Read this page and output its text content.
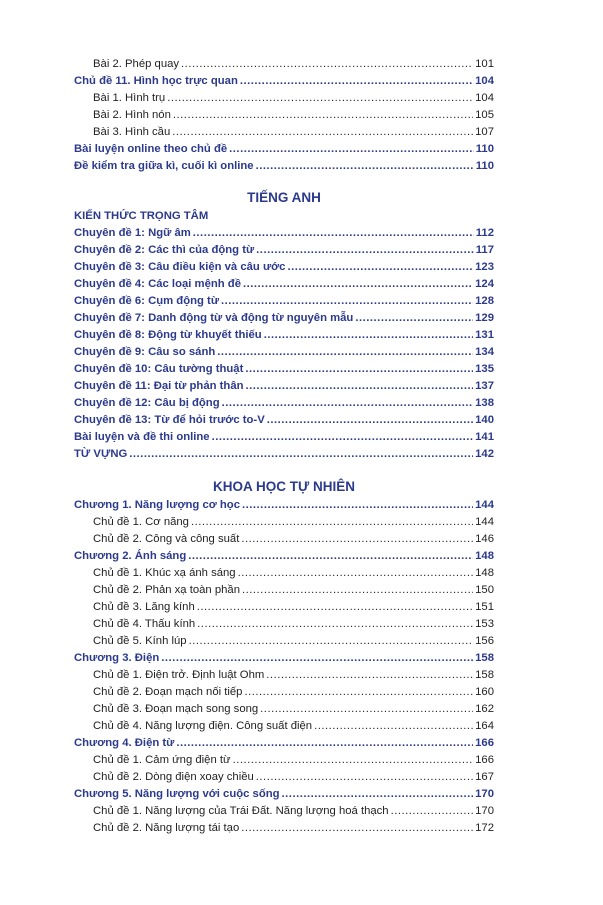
Bài 2. Phép quay .....	101
Chủ đề 11. Hình học trực quan .....	104
Bài 1. Hình trụ .....	104
Bài 2. Hình nón .....	105
Bài 3. Hình cầu .....	107
Bài luyện online theo chủ đề .....	110
Đề kiểm tra giữa kì, cuối kì online .....	110
TIẾNG ANH
KIẾN THỨC TRỌNG TÂM
Chuyên đề 1: Ngữ âm .....	112
Chuyên đề 2: Các thì của động từ .....	117
Chuyên đề 3: Câu điều kiện và câu ước .....	123
Chuyên đề 4: Các loại mệnh đề .....	124
Chuyên đề 6: Cụm động từ .....	128
Chuyên đề 7: Danh động từ và động từ nguyên mẫu .....	129
Chuyên đề 8: Động từ khuyết thiếu .....	131
Chuyên đề 9: Câu so sánh .....	134
Chuyên đề 10: Câu tường thuật .....	135
Chuyên đề 11: Đại từ phản thân .....	137
Chuyên đề 12: Câu bị động .....	138
Chuyên đề 13: Từ để hỏi trước to-V .....	140
Bài luyện và đề thi online .....	141
TỪ VỰNG .....	142
KHOA HỌC TỰ NHIÊN
Chương 1. Năng lượng cơ học .....	144
Chủ đề 1. Cơ năng .....	144
Chủ đề 2. Công và công suất .....	146
Chương 2. Ánh sáng .....	148
Chủ đề 1. Khúc xạ ánh sáng .....	148
Chủ đề 2. Phản xạ toàn phần .....	150
Chủ đề 3. Lăng kính .....	151
Chủ đề 4. Thấu kính .....	153
Chủ đề 5. Kính lúp .....	156
Chương 3. Điện .....	158
Chủ đề 1. Điện trở. Định luật Ohm .....	158
Chủ đề 2. Đoạn mạch nối tiếp .....	160
Chủ đề 3. Đoạn mạch song song .....	162
Chủ đề 4. Năng lượng điện. Công suất điện .....	164
Chương 4. Điện từ .....	166
Chủ đề 1. Cảm ứng điện từ .....	166
Chủ đề 2. Dòng điện xoay chiều .....	167
Chương 5. Năng lượng với cuộc sống .....	170
Chủ đề 1. Năng lượng của Trái Đất. Năng lượng hoá thạch .....	170
Chủ đề 2. Năng lượng tái tạo .....	172
